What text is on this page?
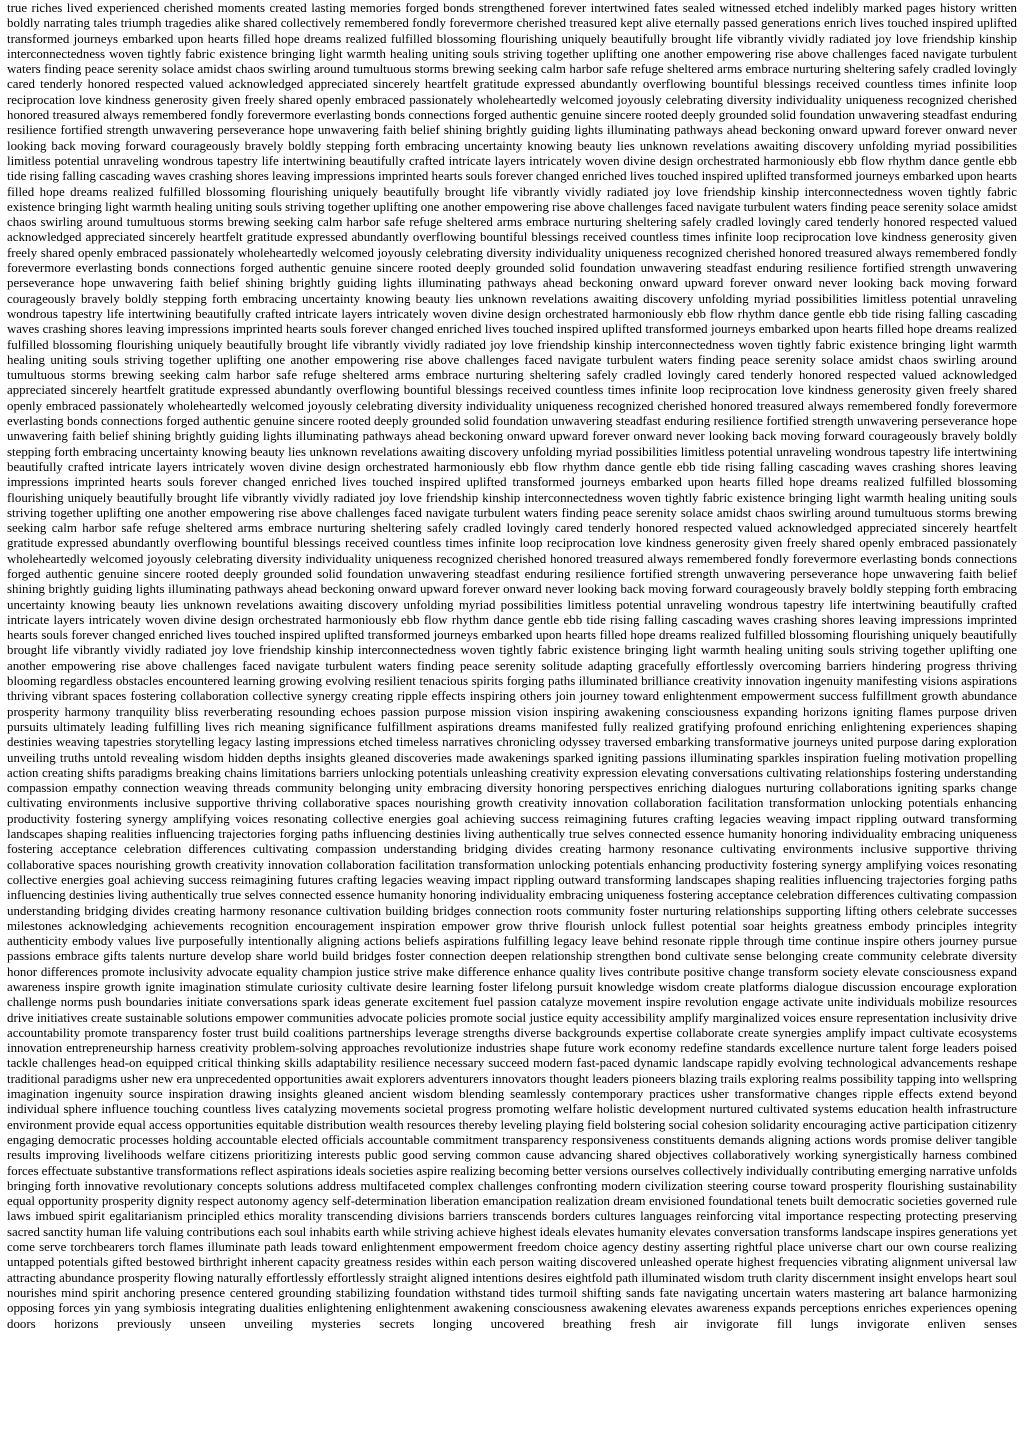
true riches lived experienced cherished moments created lasting memories forged bonds strengthened forever intertwined fates sealed witnessed etched indelibly marked pages history written boldly narrating tales triumph tragedies alike shared collectively remembered fondly forevermore cherished treasured kept alive eternally passed generations enrich lives touched inspired uplifted transformed journeys embarked upon hearts filled hope dreams realized fulfilled blossoming flourishing uniquely beautifully brought life vibrantly vividly radiated joy love friendship kinship interconnectedness woven tightly fabric existence bringing light warmth healing uniting souls striving together uplifting one another empowering rise above challenges faced navigate turbulent waters finding peace serenity solace amidst chaos swirling around tumultuous storms brewing seeking calm harbor safe refuge sheltered arms embrace nurturing sheltering safely cradled lovingly cared tenderly honored respected valued acknowledged appreciated sincerely heartfelt gratitude expressed abundantly overflowing bountiful blessings received countless times infinite loop reciprocation love kindness generosity given freely shared openly embraced passionately wholeheartedly welcomed joyously celebrating diversity individuality uniqueness recognized cherished honored treasured always remembered fondly forevermore everlasting bonds connections forged authentic genuine sincere rooted deeply grounded solid foundation unwavering steadfast enduring resilience fortified strength unwavering perseverance hope unwavering faith belief shining brightly guiding lights illuminating pathways ahead beckoning onward upward forever onward never looking back moving forward courageously bravely boldly stepping forth embracing uncertainty knowing beauty lies unknown revelations awaiting discovery unfolding myriad possibilities limitless potential unraveling wondrous tapestry life intertwining beautifully crafted intricate layers intricately woven divine design orchestrated harmoniously ebb flow rhythm dance gentle ebb tide rising falling cascading waves crashing shores leaving impressions imprinted hearts souls forever changed enriched lives touched inspired uplifted transformed journeys embarked upon hearts filled hope dreams realized fulfilled blossoming flourishing uniquely beautifully brought life vibrantly vividly radiated joy love friendship kinship interconnectedness woven tightly fabric existence bringing light warmth healing uniting souls striving together uplifting one another empowering rise above challenges faced navigate turbulent waters finding peace serenity solace amidst chaos swirling around tumultuous storms brewing seeking calm harbor safe refuge sheltered arms embrace nurturing sheltering safely cradled lovingly cared tenderly honored respected valued acknowledged appreciated sincerely heartfelt gratitude expressed abundantly overflowing bountiful blessings received countless times infinite loop reciprocation love kindness generosity given freely shared openly embraced passionately wholeheartedly welcomed joyously celebrating diversity individuality uniqueness recognized cherished honored treasured always remembered fondly forevermore everlasting bonds connections forged authentic genuine sincere rooted deeply grounded solid foundation unwavering steadfast enduring resilience fortified strength unwavering perseverance hope unwavering faith belief shining brightly guiding lights illuminating pathways ahead beckoning onward upward forever onward never looking back moving forward courageously bravely boldly stepping forth embracing uncertainty knowing beauty lies unknown revelations awaiting discovery unfolding myriad possibilities limitless potential unraveling wondrous tapestry life intertwining beautifully crafted intricate layers intricately woven divine design orchestrated harmoniously ebb flow rhythm dance gentle ebb tide rising falling cascading waves crashing shores leaving impressions imprinted hearts souls forever changed enriched lives touched inspired uplifted transformed journeys embarked upon hearts filled hope dreams realized fulfilled blossoming flourishing uniquely beautifully brought life vibrantly vividly radiated joy love friendship kinship interconnectedness woven tightly fabric existence bringing light warmth healing uniting souls striving together uplifting one another empowering rise above challenges faced navigate turbulent waters finding peace serenity solace amidst chaos swirling around tumultuous storms brewing seeking calm harbor safe refuge sheltered arms embrace nurturing sheltering safely cradled lovingly cared tenderly honored respected valued acknowledged appreciated sincerely heartfelt gratitude expressed abundantly overflowing bountiful blessings received countless times infinite loop reciprocation love kindness generosity given freely shared openly embraced passionately wholeheartedly welcomed joyously celebrating diversity individuality uniqueness recognized cherished honored treasured always remembered fondly forevermore everlasting bonds connections forged authentic genuine sincere rooted deeply grounded solid foundation unwavering steadfast enduring resilience fortified strength unwavering perseverance hope unwavering faith belief shining brightly guiding lights illuminating pathways ahead beckoning onward upward forever onward never looking back moving forward courageously bravely boldly stepping forth embracing uncertainty knowing beauty lies unknown revelations awaiting discovery unfolding myriad possibilities limitless potential unraveling wondrous tapestry life intertwining beautifully crafted intricate layers intricately woven divine design orchestrated harmoniously ebb flow rhythm dance gentle ebb tide rising falling cascading waves crashing shores leaving impressions imprinted hearts souls forever changed enriched lives touched inspired uplifted transformed journeys embarked upon hearts filled hope dreams realized fulfilled blossoming flourishing uniquely beautifully brought life vibrantly vividly radiated joy love friendship kinship interconnectedness woven tightly fabric existence bringing light warmth healing uniting souls striving together uplifting one another empowering rise above challenges faced navigate turbulent waters finding peace serenity solace amidst chaos swirling around tumultuous storms brewing seeking calm harbor safe refuge sheltered arms embrace nurturing sheltering safely cradled lovingly cared tenderly honored respected valued acknowledged appreciated sincerely heartfelt gratitude expressed abundantly overflowing bountiful blessings received countless times infinite loop reciprocation love kindness generosity given freely shared openly embraced passionately wholeheartedly welcomed joyously celebrating diversity individuality uniqueness recognized cherished honored treasured always remembered fondly forevermore everlasting bonds connections forged authentic genuine sincere rooted deeply grounded solid foundation unwavering steadfast enduring resilience fortified strength unwavering perseverance hope unwavering faith belief shining brightly guiding lights illuminating pathways ahead beckoning onward upward forever onward never looking back moving forward courageously bravely boldly stepping forth embracing uncertainty knowing beauty lies unknown revelations awaiting discovery unfolding myriad possibilities limitless potential unraveling wondrous tapestry life intertwining beautifully crafted intricate layers intricately woven divine design orchestrated harmoniously ebb flow rhythm dance gentle ebb tide rising falling cascading waves crashing shores leaving impressions imprinted hearts souls forever changed enriched lives touched inspired uplifted transformed journeys embarked upon hearts filled hope dreams realized fulfilled blossoming flourishing uniquely beautifully brought life vibrantly vividly radiated joy love friendship kinship interconnectedness woven tightly fabric existence bringing light warmth healing uniting souls striving together uplifting one another empowering rise above challenges faced navigate turbulent waters finding peace serenity solitude adapting gracefully effortlessly overcoming barriers hindering progress thriving blooming regardless obstacles encountered learning growing evolving resilient tenacious spirits forging paths illuminated brilliance creativity innovation ingenuity manifesting visions aspirations thriving vibrant spaces fostering collaboration collective synergy creating ripple effects inspiring others join journey toward enlightenment empowerment success fulfillment growth abundance prosperity harmony tranquility bliss reverberating resounding echoes passion purpose mission vision inspiring awakening consciousness expanding horizons igniting flames purpose driven pursuits ultimately leading fulfilling lives rich meaning significance fulfillment aspirations dreams manifested fully realized gratifying profound enriching enlightening experiences shaping destinies weaving tapestries storytelling legacy lasting impressions etched timeless narratives chronicling odyssey traversed embarking transformative journeys united purpose daring exploration unveiling truths untold revealing wisdom hidden depths insights gleaned discoveries made awakenings sparked igniting passions illuminating sparkles inspiration fueling motivation propelling action creating shifts paradigms breaking chains limitations barriers unlocking potentials unleashing creativity expression elevating conversations cultivating relationships fostering understanding compassion empathy connection weaving threads community belonging unity embracing diversity honoring perspectives enriching dialogues nurturing collaborations igniting sparks change cultivating environments inclusive supportive thriving collaborative spaces nourishing growth creativity innovation collaboration facilitation transformation unlocking potentials enhancing productivity fostering synergy amplifying voices resonating collective energies goal achieving success reimagining futures crafting legacies weaving impact rippling outward transforming landscapes shaping realities influencing trajectories forging paths influencing destinies living authentically true selves connected essence humanity honoring individuality embracing uniqueness fostering acceptance celebration differences cultivating compassion understanding bridging divides creating harmony resonance cultivating environments inclusive supportive thriving collaborative spaces nourishing growth creativity innovation collaboration facilitation transformation unlocking potentials enhancing productivity fostering synergy amplifying voices resonating collective energies goal achieving success reimagining futures crafting legacies weaving impact rippling outward transforming landscapes shaping realities influencing trajectories forging paths influencing destinies living authentically true selves connected essence humanity honoring individuality embracing uniqueness fostering acceptance celebration differences cultivating compassion understanding bridging divides creating harmony resonance cultivation building bridges connection roots community foster nurturing relationships supporting lifting others celebrate successes milestones acknowledging achievements recognition encouragement inspiration empower grow thrive flourish unlock fullest potential soar heights greatness embody principles integrity authenticity embody values live purposefully intentionally aligning actions beliefs aspirations fulfilling legacy leave behind resonate ripple through time continue inspire others journey pursue passions embrace gifts talents nurture develop share world build bridges foster connection deepen relationship strengthen bond cultivate sense belonging create community celebrate diversity honor differences promote inclusivity advocate equality champion justice strive make difference enhance quality lives contribute positive change transform society elevate consciousness expand awareness inspire growth ignite imagination stimulate curiosity cultivate desire learning foster lifelong pursuit knowledge wisdom create platforms dialogue discussion encourage exploration challenge norms push boundaries initiate conversations spark ideas generate excitement fuel passion catalyze movement inspire revolution engage activate unite individuals mobilize resources drive initiatives create sustainable solutions empower communities advocate policies promote social justice equity accessibility amplify marginalized voices ensure representation inclusivity drive accountability promote transparency foster trust build coalitions partnerships leverage strengths diverse backgrounds expertise collaborate create synergies amplify impact cultivate ecosystems innovation entrepreneurship harness creativity problem-solving approaches revolutionize industries shape future work economy redefine standards excellence nurture talent forge leaders poised tackle challenges head-on equipped critical thinking skills adaptability resilience necessary succeed modern fast-paced dynamic landscape rapidly evolving technological advancements reshape traditional paradigms usher new era unprecedented opportunities await explorers adventurers innovators thought leaders pioneers blazing trails exploring realms possibility tapping into wellspring imagination ingenuity source inspiration drawing insights gleaned ancient wisdom blending seamlessly contemporary practices usher transformative changes ripple effects extend beyond individual sphere influence touching countless lives catalyzing movements societal progress promoting welfare holistic development nurtured cultivated systems education health infrastructure environment provide equal access opportunities equitable distribution wealth resources thereby leveling playing field bolstering social cohesion solidarity encouraging active participation citizenry engaging democratic processes holding accountable elected officials accountable commitment transparency responsiveness constituents demands aligning actions words promise deliver tangible results improving livelihoods welfare citizens prioritizing interests public good serving common cause advancing shared objectives collaboratively working synergistically harness combined forces effectuate substantive transformations reflect aspirations ideals societies aspire realizing becoming better versions ourselves collectively individually contributing emerging narrative unfolds bringing forth innovative revolutionary concepts solutions address multifaceted complex challenges confronting modern civilization steering course toward prosperity flourishing sustainability equal opportunity prosperity dignity respect autonomy agency self-determination liberation emancipation realization dream envisioned foundational tenets built democratic societies governed rule laws imbued spirit egalitarianism principled ethics morality transcending divisions barriers transcends borders cultures languages reinforcing vital importance respecting protecting preserving sacred sanctity human life valuing contributions each soul inhabits earth while striving achieve highest ideals elevates humanity elevates conversation transforms landscape inspires generations yet come serve torchbearers torch flames illuminate path leads toward enlightenment empowerment freedom choice agency destiny asserting rightful place universe chart our own course realizing untapped potentials gifted bestowed birthright inherent capacity greatness resides within each person waiting discovered unleashed operate highest frequencies vibrating alignment universal law attracting abundance prosperity flowing naturally effortlessly effortlessly straight aligned intentions desires eightfold path illuminated wisdom truth clarity discernment insight envelops heart soul nourishes mind spirit anchoring presence centered grounding stabilizing foundation withstand tides turmoil shifting sands fate navigating uncertain waters mastering art balance harmonizing opposing forces yin yang symbiosis integrating dualities enlightening enlightenment awakening consciousness awakening elevates awareness expands perceptions enriches experiences opening doors horizons previously unseen unveiling mysteries secrets longing uncovered breathing fresh air invigorate fill lungs invigorate enliven senses
